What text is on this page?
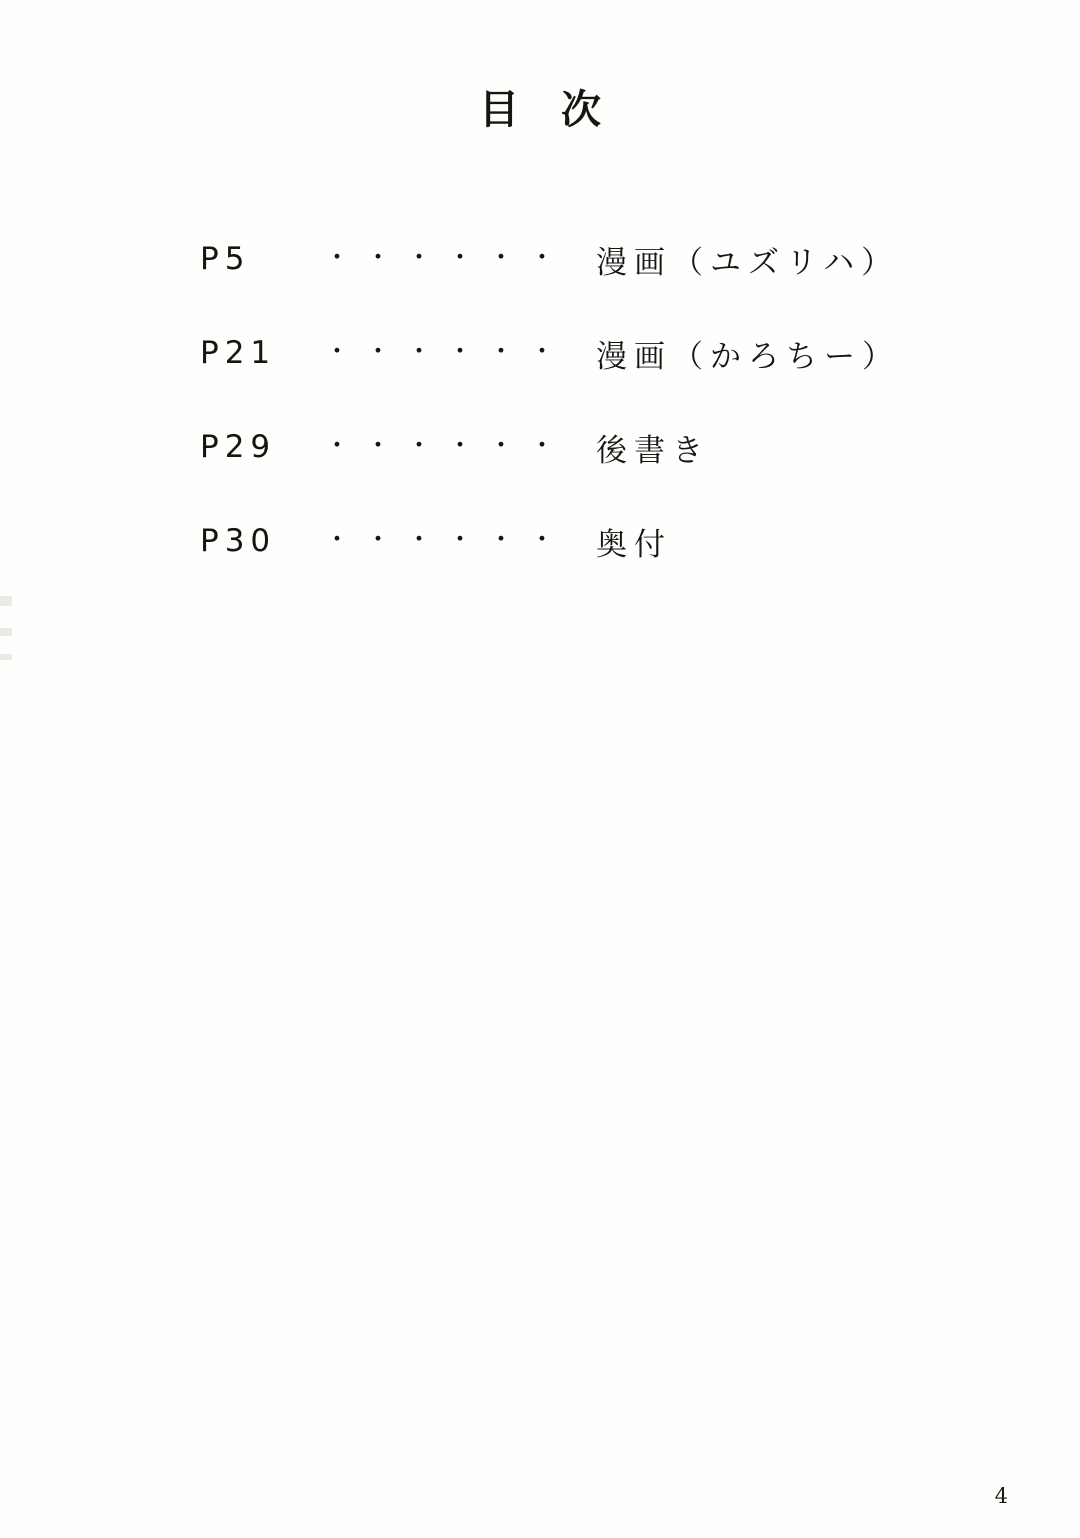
目 次
P5	・・・・・・ 漫画（ユズリハ）
P21	・・・・・・ 漫画（かろちー）
P29	・・・・・・ 後書き
P30	・・・・・・ 奥付
4
